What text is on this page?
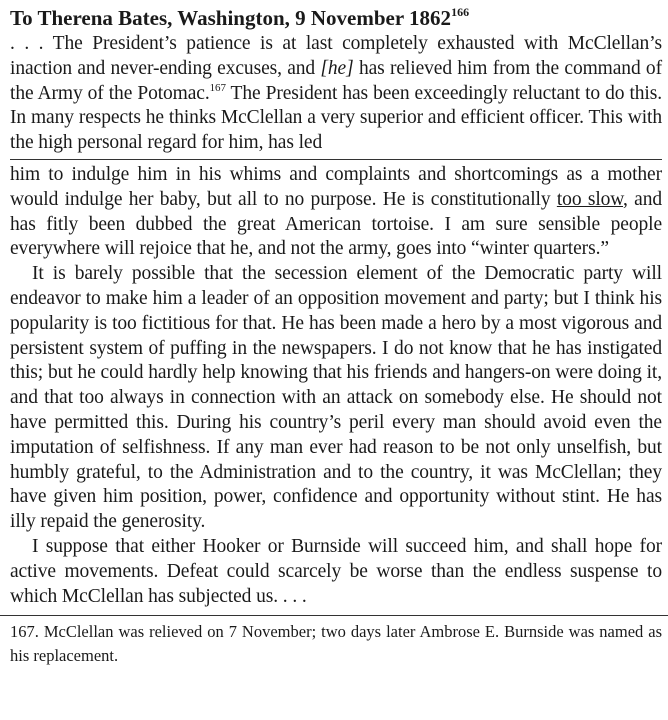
To Therena Bates, Washington, 9 November 1862$^{166}$

. . . The President’s patience is at last completely exhausted with McClellan’s inaction and never-ending excuses, and [he] has relieved him from the command of the Army of the Potomac.$^{167}$ The President has been exceedingly reluctant to do this. In many respects he thinks McClellan a very superior and efficient officer. This with the high personal regard for him, has led

him to indulge him in his whims and complaints and shortcomings as a mother would indulge her baby, but all to no purpose. He is constitutionally too slow, and has fitly been dubbed the great American tortoise. I am sure sensible people everywhere will rejoice that he, and not the army, goes into “winter quarters.”

It is barely possible that the secession element of the Democratic party will endeavor to make him a leader of an opposition movement and party; but I think his popularity is too fictitious for that. He has been made a hero by a most vigorous and persistent system of puffing in the newspapers. I do not know that he has instigated this; but he could hardly help knowing that his friends and hangers-on were doing it, and that too always in connection with an attack on somebody else. He should not have permitted this. During his country’s peril every man should avoid even the imputation of selfishness. If any man ever had reason to be not only unselfish, but humbly grateful, to the Administration and to the country, it was McClellan; they have given him position, power, confidence and opportunity without stint. He has illy repaid the generosity.

I suppose that either Hooker or Burnside will succeed him, and shall hope for active movements. Defeat could scarcely be worse than the endless suspense to which McClellan has subjected us. . . .

167. McClellan was relieved on 7 November; two days later Ambrose E. Burnside was named as his replacement.
